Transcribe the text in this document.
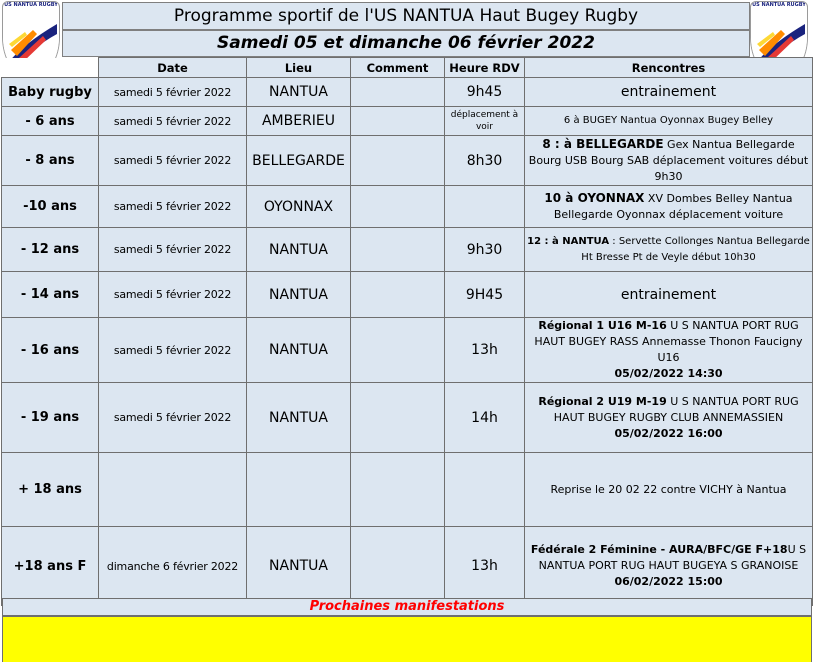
US NANTUA RUGBY	US NANTUA RUGBY
Programme sportif de l'US NANTUA Haut Bugey Rugby
Samedi 05 et dimanche 06 février 2022
	Date	Lieu	Comment	Heure RDV	Rencontres
Baby rugby	samedi 5 février 2022	NANTUA		9h45	entrainement
- 6 ans	samedi 5 février 2022	AMBERIEU		déplacement à voir	6 à BUGEY Nantua Oyonnax Bugey Belley
- 8 ans	samedi 5 février 2022	BELLEGARDE		8h30	8 : à BELLEGARDE Gex Nantua Bellegarde Bourg USB Bourg SAB déplacement voitures début 9h30
-10 ans	samedi 5 février 2022	OYONNAX			10 à OYONNAX XV Dombes Belley Nantua Bellegarde Oyonnax déplacement voiture
- 12 ans	samedi 5 février 2022	NANTUA		9h30	12 : à NANTUA : Servette Collonges Nantua Bellegarde Ht Bresse Pt de Veyle début 10h30
- 14 ans	samedi 5 février 2022	NANTUA		9H45	entrainement
- 16 ans	samedi 5 février 2022	NANTUA		13h	Régional 1 U16 M-16 U S NANTUA PORT RUG HAUT BUGEY RASS Annemasse Thonon Faucigny U16
05/02/2022 14:30
- 19 ans	samedi 5 février 2022	NANTUA		14h	Régional 2 U19 M-19 U S NANTUA PORT RUG HAUT BUGEY RUGBY CLUB ANNEMASSIEN
05/02/2022 16:00
+ 18 ans					Reprise le 20 02 22 contre VICHY à Nantua
+18 ans F	dimanche 6 février 2022	NANTUA		13h	Fédérale 2 Féminine - AURA/BFC/GE F+18U S NANTUA PORT RUG HAUT BUGEYA S GRANOISE
06/02/2022 15:00
Prochaines manifestations
